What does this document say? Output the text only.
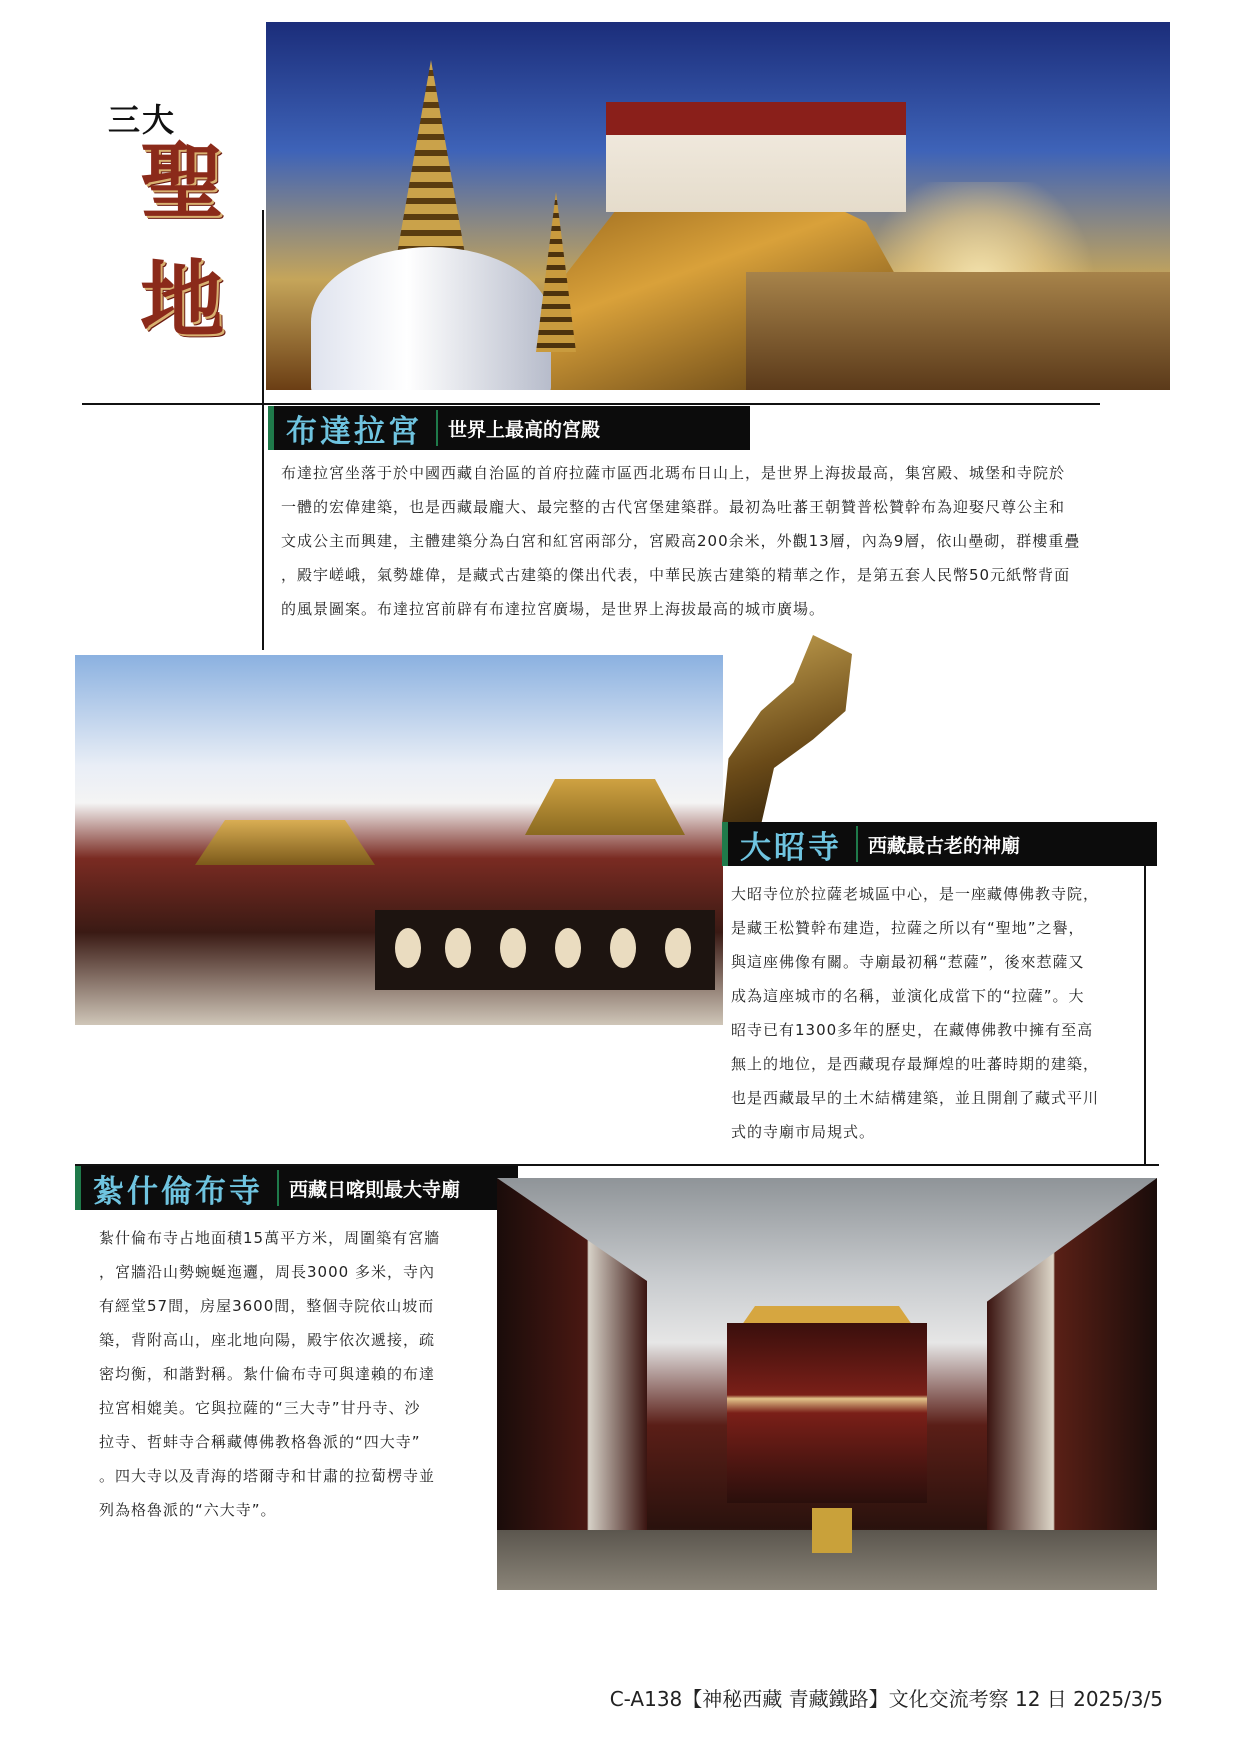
三大
聖
地
布達拉宮	世界上最高的宮殿
布達拉宮坐落于於中國西藏自治區的首府拉薩市區西北瑪布日山上，是世界上海拔最高，集宮殿、城堡和寺院於
一體的宏偉建築，也是西藏最龐大、最完整的古代宮堡建築群。最初為吐蕃王朝贊普松贊幹布為迎娶尺尊公主和
文成公主而興建，主體建築分為白宮和紅宮兩部分，宮殿高200余米，外觀13層，內為9層，依山壘砌，群樓重疊
，殿宇嵯峨，氣勢雄偉，是藏式古建築的傑出代表，中華民族古建築的精華之作，是第五套人民幣50元紙幣背面
的風景圖案。布達拉宮前辟有布達拉宮廣場，是世界上海拔最高的城市廣場。
大昭寺	西藏最古老的神廟
大昭寺位於拉薩老城區中心，是一座藏傳佛教寺院，
是藏王松贊幹布建造，拉薩之所以有“聖地”之譽，
與這座佛像有關。寺廟最初稱“惹薩”，後來惹薩又
成為這座城市的名稱，並演化成當下的“拉薩”。大
昭寺已有1300多年的歷史，在藏傳佛教中擁有至高
無上的地位，是西藏現存最輝煌的吐蕃時期的建築，
也是西藏最早的土木結構建築，並且開創了藏式平川
式的寺廟市局規式。
紮什倫布寺	西藏日喀則最大寺廟
紮什倫布寺占地面積15萬平方米，周圍築有宮牆
，宮牆沿山勢蜿蜒迤邐，周長3000 多米，寺內
有經堂57間，房屋3600間，整個寺院依山坡而
築，背附高山，座北地向陽，殿宇依次遞接，疏
密均衡，和諧對稱。紮什倫布寺可與達賴的布達
拉宮相媲美。它與拉薩的“三大寺”甘丹寺、沙
拉寺、哲蚌寺合稱藏傳佛教格魯派的“四大寺”
。四大寺以及青海的塔爾寺和甘肅的拉蔔楞寺並
列為格魯派的“六大寺”。
C-A138【神秘西藏 青藏鐵路】文化交流考察 12 日 2025/3/5
